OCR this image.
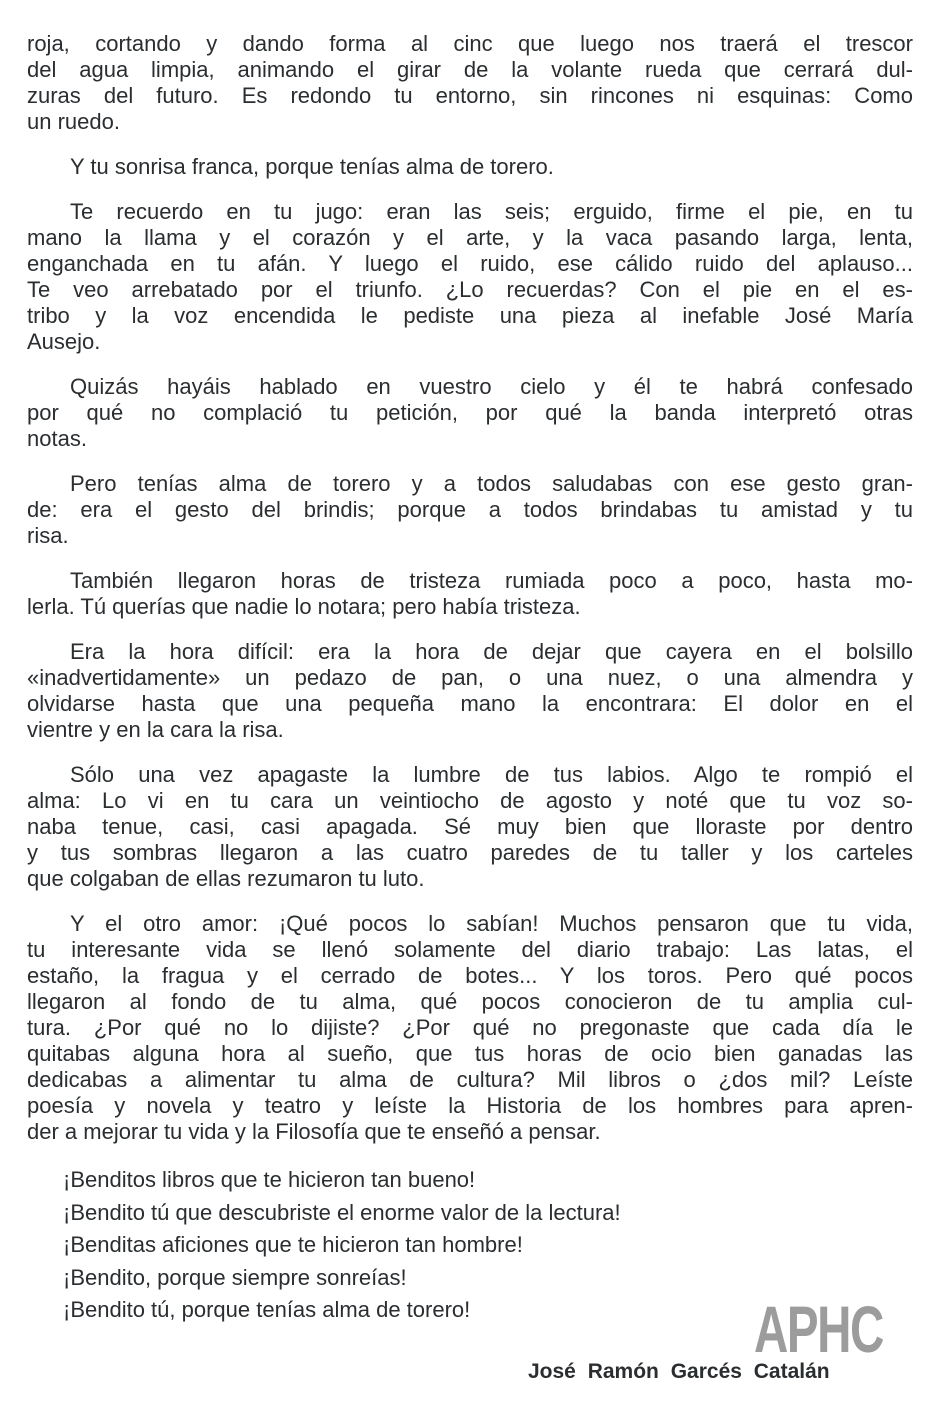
roja, cortando y dando forma al cinc que luego nos traerá el trescor
del agua limpia, animando el girar de la volante rueda que cerrará dul-
zuras del futuro. Es redondo tu entorno, sin rincones ni esquinas: Como
un ruedo.
Y tu sonrisa franca, porque tenías alma de torero.
Te recuerdo en tu jugo: eran las seis; erguido, firme el pie, en tu
mano la llama y el corazón y el arte, y la vaca pasando larga, lenta,
enganchada en tu afán. Y luego el ruido, ese cálido ruido del aplauso...
Te veo arrebatado por el triunfo. ¿Lo recuerdas? Con el pie en el es-
tribo y la voz encendida le pediste una pieza al inefable José María
Ausejo.
Quizás hayáis hablado en vuestro cielo y él te habrá confesado
por qué no complació tu petición, por qué la banda interpretó otras
notas.
Pero tenías alma de torero y a todos saludabas con ese gesto gran-
de: era el gesto del brindis; porque a todos brindabas tu amistad y tu
risa.
También llegaron horas de tristeza rumiada poco a poco, hasta mo-
lerla. Tú querías que nadie lo notara; pero había tristeza.
Era la hora difícil: era la hora de dejar que cayera en el bolsillo
«inadvertidamente» un pedazo de pan, o una nuez, o una almendra y
olvidarse hasta que una pequeña mano la encontrara: El dolor en el
vientre y en la cara la risa.
Sólo una vez apagaste la lumbre de tus labios. Algo te rompió el
alma: Lo vi en tu cara un veintiocho de agosto y noté que tu voz so-
naba tenue, casi, casi apagada. Sé muy bien que lloraste por dentro
y tus sombras llegaron a las cuatro paredes de tu taller y los carteles
que colgaban de ellas rezumaron tu luto.
Y el otro amor: ¡Qué pocos lo sabían! Muchos pensaron que tu vida,
tu interesante vida se llenó solamente del diario trabajo: Las latas, el
estaño, la fragua y el cerrado de botes... Y los toros. Pero qué pocos
llegaron al fondo de tu alma, qué pocos conocieron de tu amplia cul-
tura. ¿Por qué no lo dijiste? ¿Por qué no pregonaste que cada día le
quitabas alguna hora al sueño, que tus horas de ocio bien ganadas las
dedicabas a alimentar tu alma de cultura? Mil libros o ¿dos mil? Leíste
poesía y novela y teatro y leíste la Historia de los hombres para apren-
der a mejorar tu vida y la Filosofía que te enseñó a pensar.
¡Benditos libros que te hicieron tan bueno!
¡Bendito tú que descubriste el enorme valor de la lectura!
¡Benditas aficiones que te hicieron tan hombre!
¡Bendito, porque siempre sonreías!
¡Bendito tú, porque tenías alma de torero!	APHC
José Ramón Garcés Catalán
